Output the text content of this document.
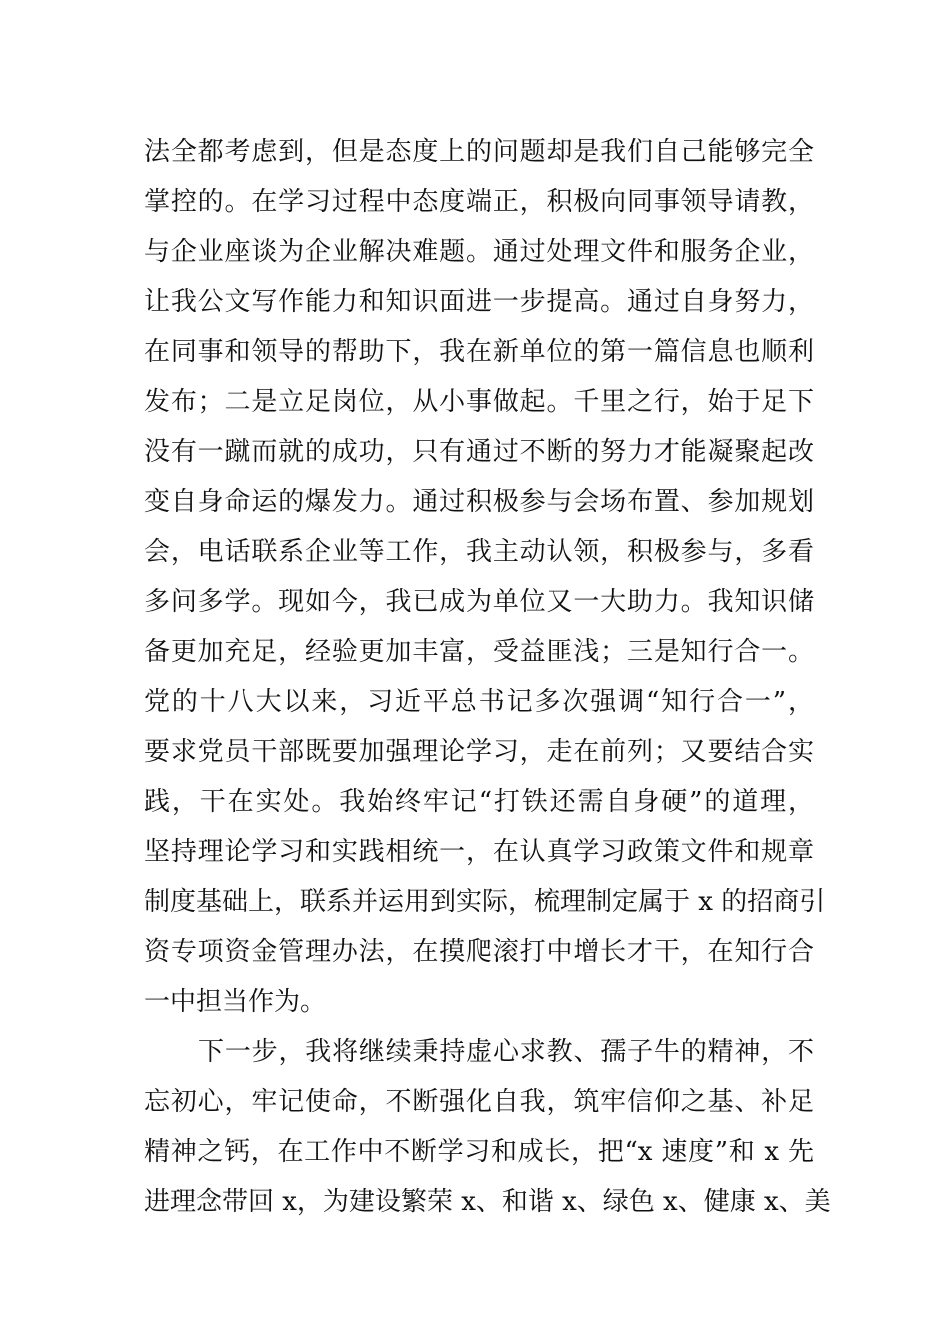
法全都考虑到，但是态度上的问题却是我们自己能够完全
掌控的。在学习过程中态度端正，积极向同事领导请教，
与企业座谈为企业解决难题。通过处理文件和服务企业，
让我公文写作能力和知识面进一步提高。通过自身努力，
在同事和领导的帮助下，我在新单位的第一篇信息也顺利
发布；二是立足岗位，从小事做起。千里之行，始于足下
没有一蹴而就的成功，只有通过不断的努力才能凝聚起改
变自身命运的爆发力。通过积极参与会场布置、参加规划
会，电话联系企业等工作，我主动认领，积极参与，多看
多问多学。现如今，我已成为单位又一大助力。我知识储
备更加充足，经验更加丰富，受益匪浅；三是知行合一。
党的十八大以来，习近平总书记多次强调“知行合一”，
要求党员干部既要加强理论学习，走在前列；又要结合实
践，干在实处。我始终牢记“打铁还需自身硬”的道理，
坚持理论学习和实践相统一，在认真学习政策文件和规章
制度基础上，联系并运用到实际，梳理制定属于 x 的招商引
资专项资金管理办法，在摸爬滚打中增长才干，在知行合
一中担当作为。
下一步，我将继续秉持虚心求教、孺子牛的精神，不
忘初心，牢记使命，不断强化自我，筑牢信仰之基、补足
精神之钙，在工作中不断学习和成长，把“x 速度”和 x 先
进理念带回 x，为建设繁荣 x、和谐 x、绿色 x、健康 x、美
